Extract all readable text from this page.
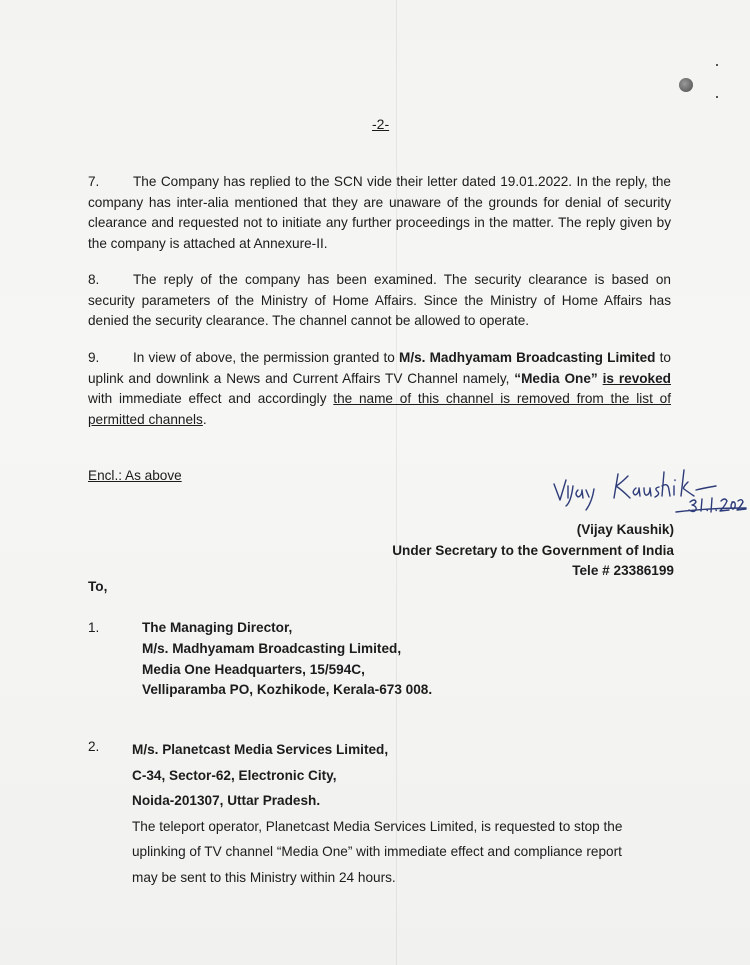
-2-
7. The Company has replied to the SCN vide their letter dated 19.01.2022. In the reply, the company has inter-alia mentioned that they are unaware of the grounds for denial of security clearance and requested not to initiate any further proceedings in the matter. The reply given by the company is attached at Annexure-II.
8. The reply of the company has been examined. The security clearance is based on security parameters of the Ministry of Home Affairs. Since the Ministry of Home Affairs has denied the security clearance. The channel cannot be allowed to operate.
9. In view of above, the permission granted to M/s. Madhyamam Broadcasting Limited to uplink and downlink a News and Current Affairs TV Channel namely, “Media One” is revoked with immediate effect and accordingly the name of this channel is removed from the list of permitted channels.
Encl.: As above
(Vijay Kaushik)
Under Secretary to the Government of India
Tele # 23386199
To,
1.	The Managing Director,
M/s. Madhyamam Broadcasting Limited,
Media One Headquarters, 15/594C,
Velliparamba PO, Kozhikode, Kerala-673 008.
2. M/s. Planetcast Media Services Limited,
C-34, Sector-62, Electronic City,
Noida-201307, Uttar Pradesh.
The teleport operator, Planetcast Media Services Limited, is requested to stop the
uplinking of TV channel “Media One” with immediate effect and compliance report
may be sent to this Ministry within 24 hours.
